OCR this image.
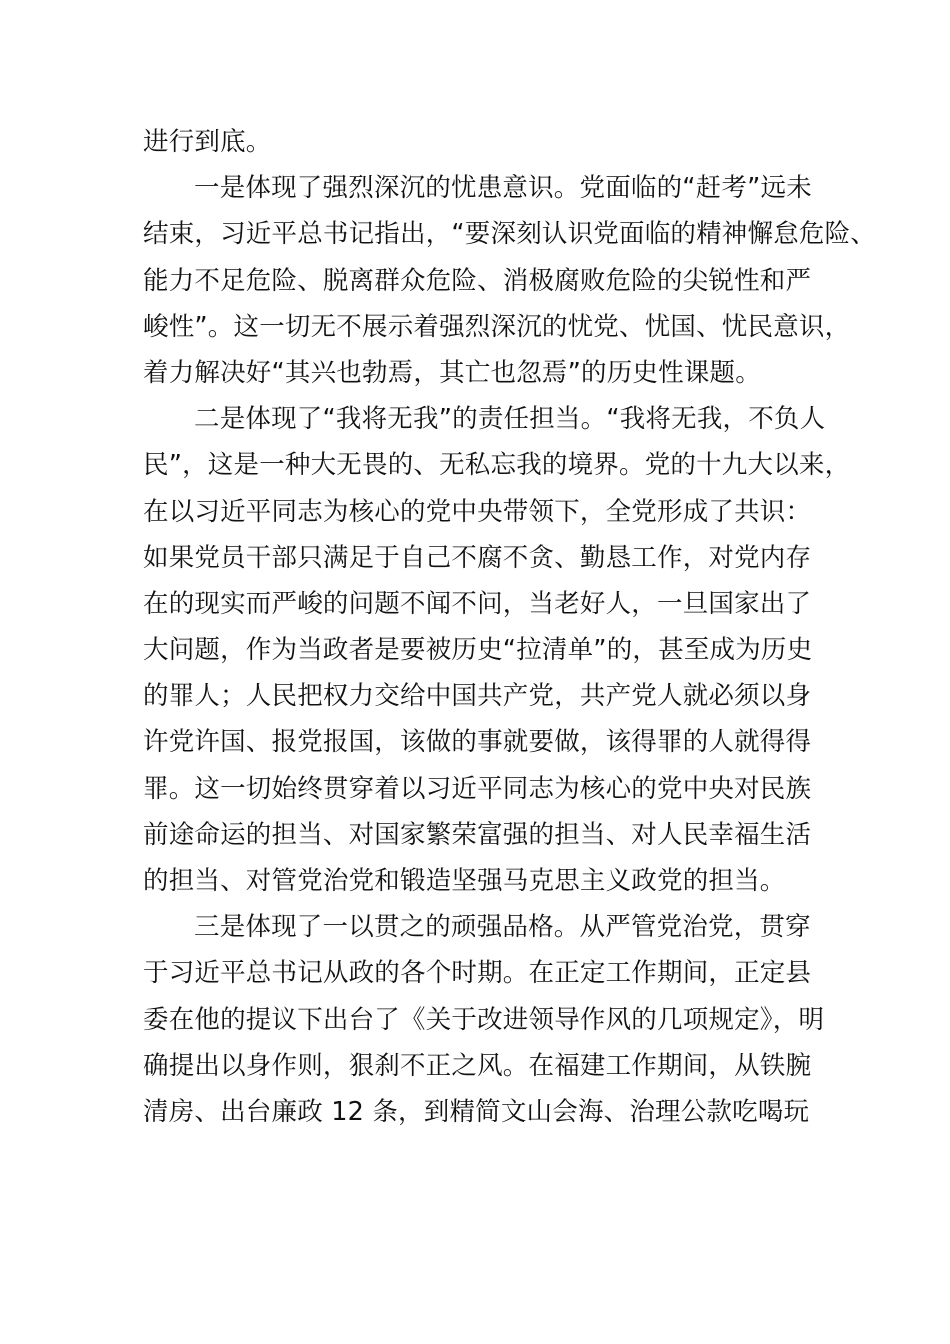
进行到底。
一是体现了强烈深沉的忧患意识。党面临的“赶考”远未
结束，习近平总书记指出，“要深刻认识党面临的精神懈怠危险、
能力不足危险、脱离群众危险、消极腐败危险的尖锐性和严
峻性”。这一切无不展示着强烈深沉的忧党、忧国、忧民意识，
着力解决好“其兴也勃焉，其亡也忽焉”的历史性课题。
二是体现了“我将无我”的责任担当。“我将无我，不负人
民”，这是一种大无畏的、无私忘我的境界。党的十九大以来，
在以习近平同志为核心的党中央带领下，全党形成了共识：
如果党员干部只满足于自己不腐不贪、勤恳工作，对党内存
在的现实而严峻的问题不闻不问，当老好人，一旦国家出了
大问题，作为当政者是要被历史“拉清单”的，甚至成为历史
的罪人；人民把权力交给中国共产党，共产党人就必须以身
许党许国、报党报国，该做的事就要做，该得罪的人就得得
罪。这一切始终贯穿着以习近平同志为核心的党中央对民族
前途命运的担当、对国家繁荣富强的担当、对人民幸福生活
的担当、对管党治党和锻造坚强马克思主义政党的担当。
三是体现了一以贯之的顽强品格。从严管党治党，贯穿
于习近平总书记从政的各个时期。在正定工作期间，正定县
委在他的提议下出台了《关于改进领导作风的几项规定》，明
确提出以身作则，狠刹不正之风。在福建工作期间，从铁腕
清房、出台廉政 12 条，到精简文山会海、治理公款吃喝玩
